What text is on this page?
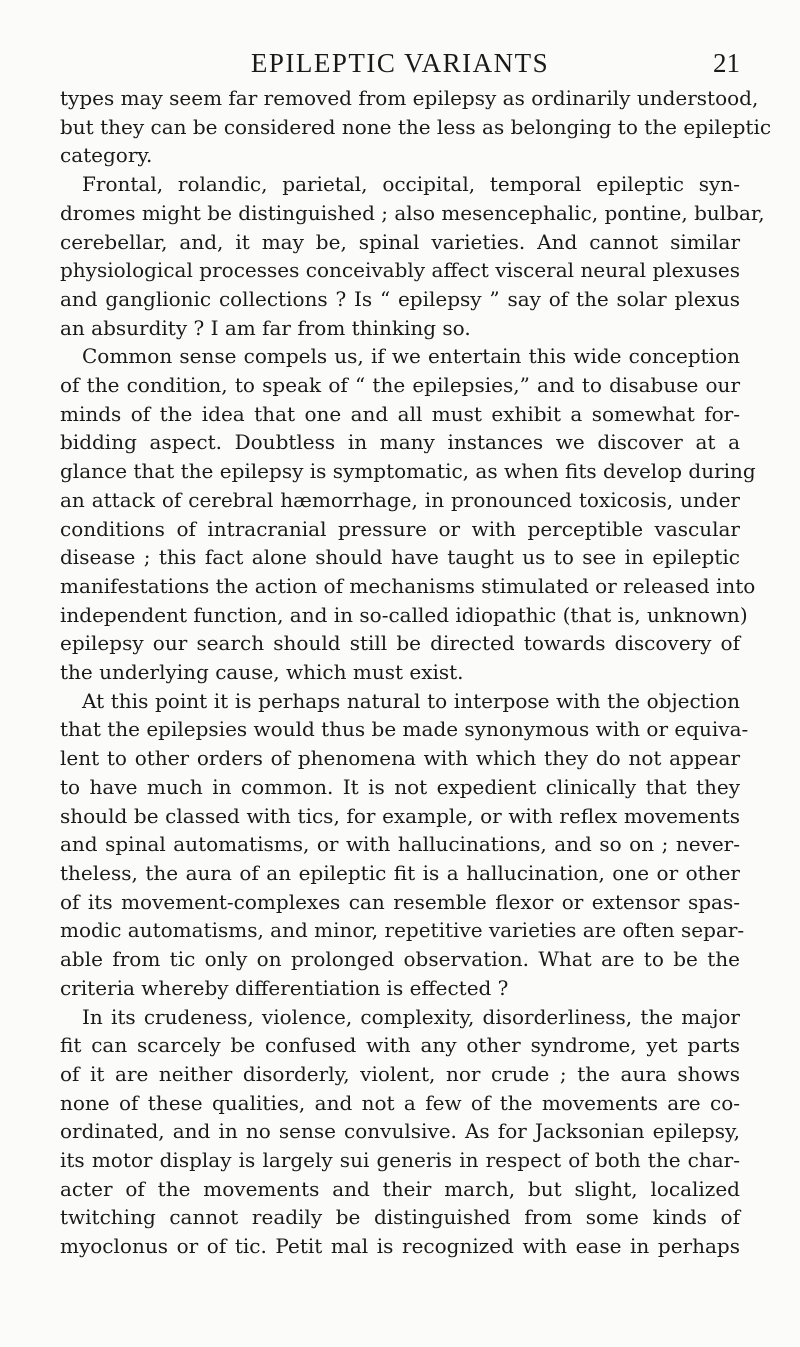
EPILEPTIC VARIANTS	21
types may seem far removed from epilepsy as ordinarily understood,
but they can be considered none the less as belonging to the epileptic
category.
Frontal, rolandic, parietal, occipital, temporal epileptic syn-
dromes might be distinguished ; also mesencephalic, pontine, bulbar,
cerebellar, and, it may be, spinal varieties. And cannot similar
physiological processes conceivably affect visceral neural plexuses
and ganglionic collections ? Is “ epilepsy ” say of the solar plexus
an absurdity ? I am far from thinking so.
Common sense compels us, if we entertain this wide conception
of the condition, to speak of “ the epilepsies,” and to disabuse our
minds of the idea that one and all must exhibit a somewhat for-
bidding aspect. Doubtless in many instances we discover at a
glance that the epilepsy is symptomatic, as when fits develop during
an attack of cerebral hæmorrhage, in pronounced toxicosis, under
conditions of intracranial pressure or with perceptible vascular
disease ; this fact alone should have taught us to see in epileptic
manifestations the action of mechanisms stimulated or released into
independent function, and in so-called idiopathic (that is, unknown)
epilepsy our search should still be directed towards discovery of
the underlying cause, which must exist.
At this point it is perhaps natural to interpose with the objection
that the epilepsies would thus be made synonymous with or equiva-
lent to other orders of phenomena with which they do not appear
to have much in common. It is not expedient clinically that they
should be classed with tics, for example, or with reflex movements
and spinal automatisms, or with hallucinations, and so on ; never-
theless, the aura of an epileptic fit is a hallucination, one or other
of its movement-complexes can resemble flexor or extensor spas-
modic automatisms, and minor, repetitive varieties are often separ-
able from tic only on prolonged observation. What are to be the
criteria whereby differentiation is effected ?
In its crudeness, violence, complexity, disorderliness, the major
fit can scarcely be confused with any other syndrome, yet parts
of it are neither disorderly, violent, nor crude ; the aura shows
none of these qualities, and not a few of the movements are co-
ordinated, and in no sense convulsive. As for Jacksonian epilepsy,
its motor display is largely sui generis in respect of both the char-
acter of the movements and their march, but slight, localized
twitching cannot readily be distinguished from some kinds of
myoclonus or of tic. Petit mal is recognized with ease in perhaps
